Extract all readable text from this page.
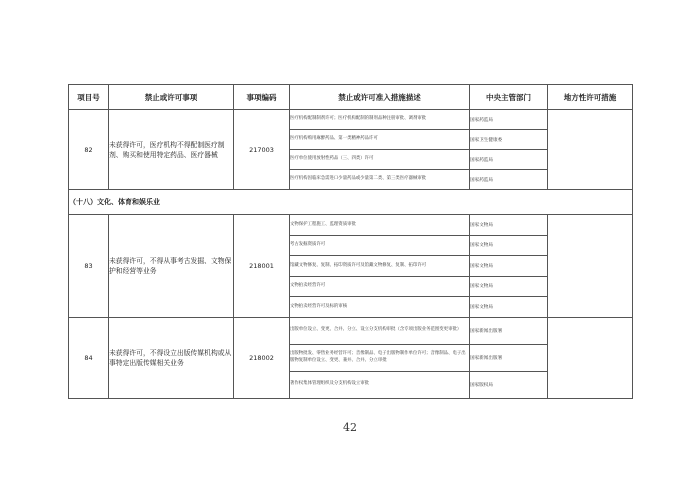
项目号	禁止或许可事项	事项编码	禁止或许可准入措施描述	中央主管部门	地方性许可措施
82	未获得许可，医疗机构不得配制医疗制剂、购买和使用特定药品、医疗器械	217003	医疗机构配制制剂许可；医疗机构配制的制剂品种注册审批、调剂审批	国家药监局	
			医疗机构购用麻醉药品、第一类精神药品许可	国家卫生健康委	
			医疗单位使用放射性药品（三、四类）许可	国家药监局	
			医疗机构因临床急需进口少量药品或少量第二类、第三类医疗器械审批	国家药监局	
（十八）文化、体育和娱乐业					
83	未获得许可，不得从事考古发掘、文物保护和经营等业务	218001	文物保护工程施工、监理资质审批	国家文物局	
			考古发掘资质许可	国家文物局	
			馆藏文物修复、复制、拓印资质许可及馆藏文物修复、复制、拓印许可	国家文物局	
			文物拍卖经营许可	国家文物局	
			文物拍卖经营许可及标的审核	国家文物局	
84	未获得许可，不得设立出版传媒机构或从事特定出版传媒相关业务	218002	出版单位设立、变更、合并、分立、设立分支机构审批（含专项出版业务范围变更审批）	国家新闻出版署	
			出版物批发、零售业务经营许可；音像制品、电子出版物制作单位许可；音像制品、电子出版物复制单位设立、变更、兼并、合并、分立审批	国家新闻出版署	
			著作权集体管理组织及分支机构设立审批	国家版权局	
42
